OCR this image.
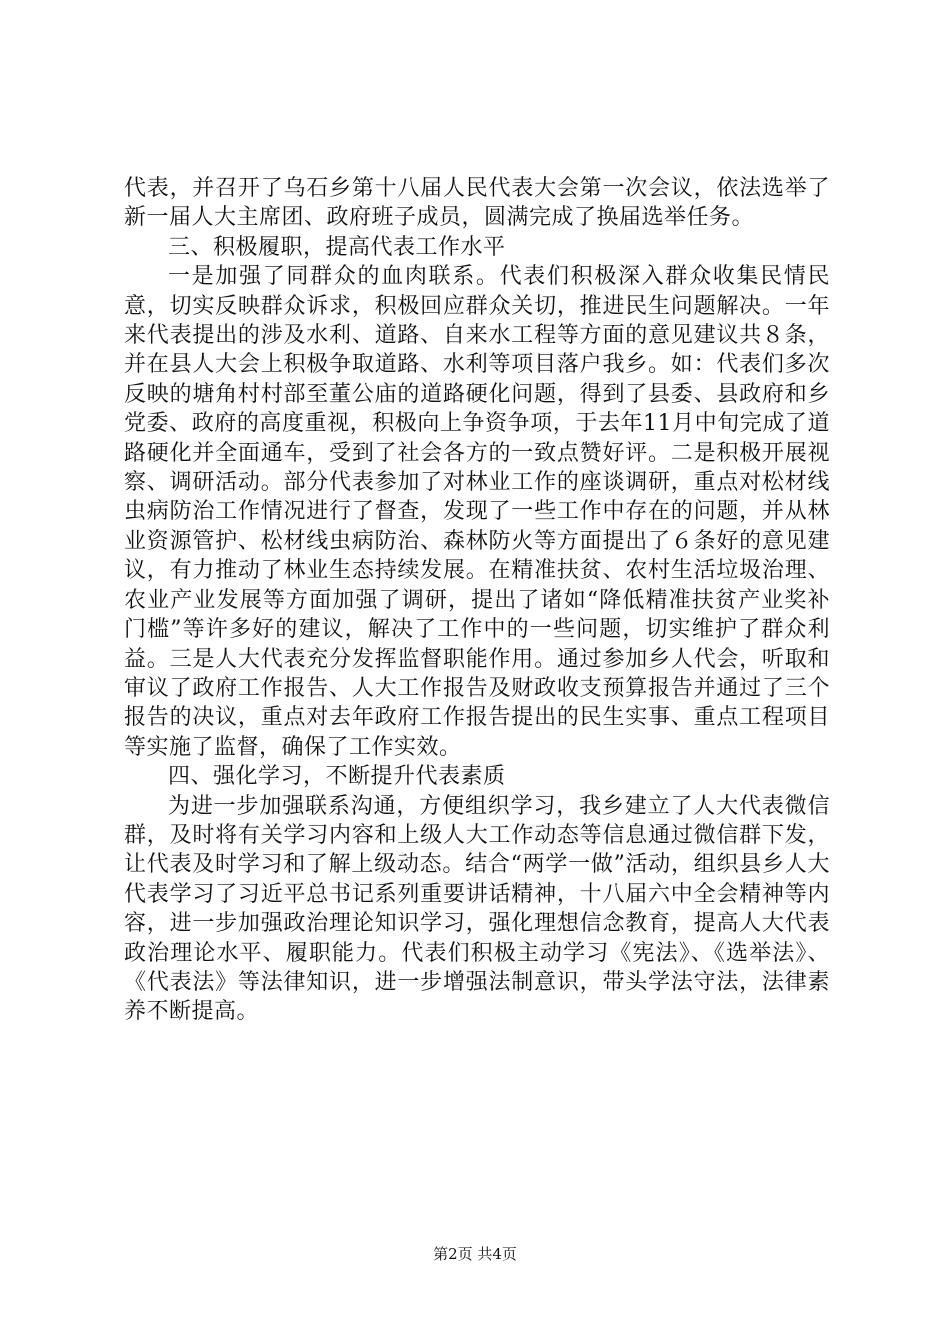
代表，并召开了乌石乡第十八届人民代表大会第一次会议，依法选举了新一届人大主席团、政府班子成员，圆满完成了换届选举任务。

三、积极履职，提高代表工作水平

一是加强了同群众的血肉联系。代表们积极深入群众收集民情民意，切实反映群众诉求，积极回应群众关切，推进民生问题解决。一年来代表提出的涉及水利、道路、自来水工程等方面的意见建议共８条，并在县人大会上积极争取道路、水利等项目落户我乡。如：代表们多次反映的塘角村村部至董公庙的道路硬化问题，得到了县委、县政府和乡党委、政府的高度重视，积极向上争资争项，于去年11月中旬完成了道路硬化并全面通车，受到了社会各方的一致点赞好评。二是积极开展视察、调研活动。部分代表参加了对林业工作的座谈调研，重点对松材线虫病防治工作情况进行了督查，发现了一些工作中存在的问题，并从林业资源管护、松材线虫病防治、森林防火等方面提出了６条好的意见建议，有力推动了林业生态持续发展。在精准扶贫、农村生活垃圾治理、农业产业发展等方面加强了调研，提出了诸如“降低精准扶贫产业奖补门槛”等许多好的建议，解决了工作中的一些问题，切实维护了群众利益。三是人大代表充分发挥监督职能作用。通过参加乡人代会，听取和审议了政府工作报告、人大工作报告及财政收支预算报告并通过了三个报告的决议，重点对去年政府工作报告提出的民生实事、重点工程项目等实施了监督，确保了工作实效。

四、强化学习，不断提升代表素质

为进一步加强联系沟通，方便组织学习，我乡建立了人大代表微信群，及时将有关学习内容和上级人大工作动态等信息通过微信群下发，让代表及时学习和了解上级动态。结合“两学一做”活动，组织县乡人大代表学习了习近平总书记系列重要讲话精神，十八届六中全会精神等内容，进一步加强政治理论知识学习，强化理想信念教育，提高人大代表政治理论水平、履职能力。代表们积极主动学习《宪法》、《选举法》、《代表法》等法律知识，进一步增强法制意识，带头学法守法，法律素养不断提高。

第2页 共4页
